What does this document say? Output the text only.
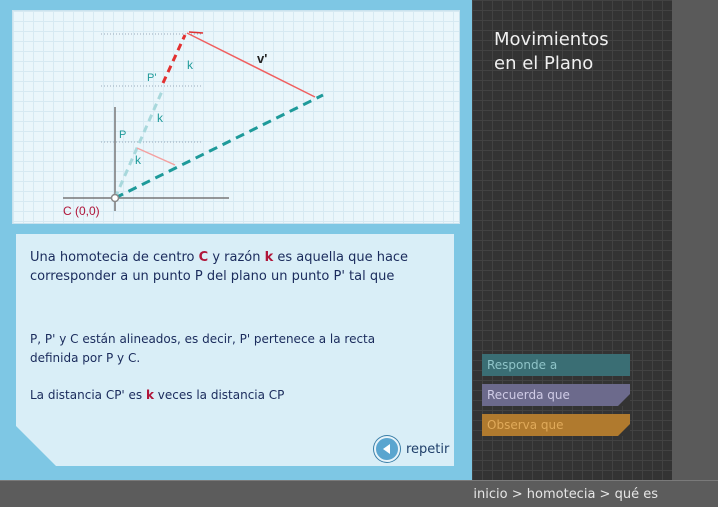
v'
k
P'
k
P
k
C (0,0)
Una homotecia de centro C y razón k es aquella que hace corresponder a un punto P del plano un punto P' tal que
P, P' y C están alineados, es decir, P' pertenece a la recta definida por P y C.
La distancia CP' es k veces la distancia CP
repetir
Movimientos
en el Plano
Responde a
Recuerda que
Observa que
inicio > homotecia > qué es
